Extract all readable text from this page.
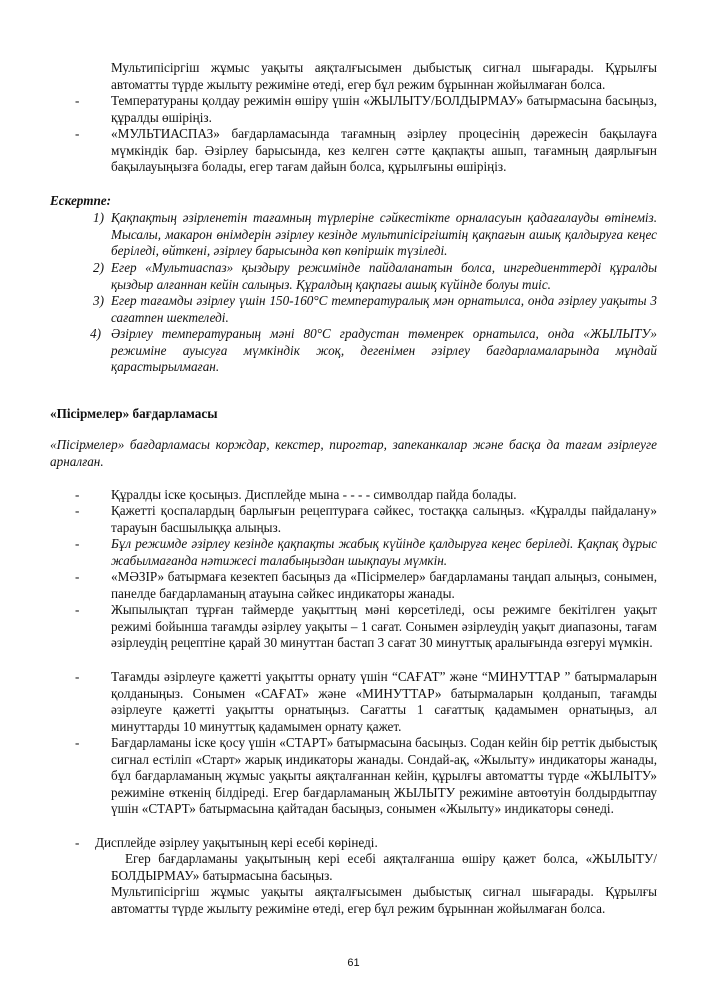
Мультипісіргіш жұмыс уақыты аяқталғысымен дыбыстық сигнал шығарады. Құрылғы автоматты түрде жылыту режиміне өтеді, егер бұл режим бұрыннан жойылмаған болса.

- Температураны қолдау режимін өшіру үшін «ЖЫЛЫТУ/БОЛДЫРМАУ» батырмасына басыңыз, құралды өшіріңіз.

- «МУЛЬТИАСПАЗ» бағдарламасында тағамның әзірлеу процесінің дәрежесін бақылауға мүмкіндік бар. Әзірлеу барысында, кез келген сәтте қақпақты ашып, тағамның даярлығын бақылауыңызға болады, егер тағам дайын болса, құрылғыны өшіріңіз.

Ескертпе:
1) Қақпақтың әзірленетін тағамның түрлеріне сәйкестікте орналасуын қадағалауды өтінеміз. Мысалы, макарон өнімдерін әзірлеу кезінде мультипісіргіштің қақпағын ашық қалдыруға кеңес беріледі, өйткені, әзірлеу барысында көп көпіршік түзіледі.

2) Егер «Мультиаспаз» қыздыру режимінде пайдаланатын болса, ингредиенттерді құралды қыздыр алғаннан кейін салыңыз. Құралдың қақпағы ашық күйінде болуы тиіс.

3) Егер тағамды әзірлеу үшін 150-160°C температуралық мән орнатылса, онда әзірлеу уақыты 3 сағатпен шектеледі.

4) Әзірлеу температураның мәні 80°C градустан төменрек орнатылса, онда «ЖЫЛЫТУ» режиміне ауысуға мүмкіндік жоқ, дегенімен әзірлеу бағдарламаларында мұндай қарастырылмаған.

«Пісірмелер» бағдарламасы

«Пісірмелер» бағдарламасы корждар, кекстер, пирогтар, запеканкалар және басқа да тағам әзірлеуге арналған.

- Құралды іске қосыңыз. Дисплейде мына - - - - символдар пайда болады.

- Қажетті қоспалардың барлығын рецептураға сәйкес, тостаққа салыңыз. «Құралды пайдалану» тарауын басшылыққа алыңыз.

- Бұл режимде әзірлеу кезінде қақпақты жабық күйінде қалдыруға кеңес беріледі. Қақпақ дұрыс жабылмағанда нәтижесі талабыңыздан шықпауы мүмкін.

- «МӘЗІР» батырмаға кезектеп басыңыз да «Пісірмелер» бағдарламаны таңдап алыңыз, сонымен, панелде бағдарламаның атауына сәйкес индикаторы жанады.

- Жыпылықтап тұрған таймерде уақыттың мәні көрсетіледі, осы режимге бекітілген уақыт режимі бойынша тағамды әзірлеу уақыты – 1 сағат. Сонымен әзірлеудің уақыт диапазоны, тағам әзірлеудің рецептіне қарай 30 минуттан бастап 3 сағат 30 минуттық аралығында өзгеруі мүмкін.

- Тағамды әзірлеуге қажетті уақытты орнату үшін “САҒАТ” және “МИНУТТАР ” батырмаларын қолданыңыз. Сонымен «САҒАТ» және «МИНУТТАР» батырмаларын қолданып, тағамды әзірлеуге қажетті уақытты орнатыңыз. Сағатты 1 сағаттық қадамымен орнатыңыз, ал минуттарды 10 минуттық қадамымен орнату қажет.

- Бағдарламаны іске қосу үшін «СТАРТ» батырмасына басыңыз. Содан кейін бір реттік дыбыстық сигнал естіліп «Старт» жарық индикаторы жанады. Сондай-ақ, «Жылыту» индикаторы жанады, бұл бағдарламаның жұмыс уақыты аяқталғаннан кейін, құрылғы автоматты түрде «ЖЫЛЫТУ» режиміне өткенің білдіреді. Егер бағдарламаның ЖЫЛЫТУ режиміне автоөтуін болдырдытпау үшін «СТАРТ» батырмасына қайтадан басыңыз, сонымен «Жылыту» индикаторы сөнеді.

- Дисплейде әзірлеу уақытының кері есебі көрінеді.

Егер бағдарламаны уақытының кері есебі аяқталғанша өшіру қажет болса, «ЖЫЛЫТУ/БОЛДЫРМАУ» батырмасына басыңыз.

Мультипісіргіш жұмыс уақыты аяқталғысымен дыбыстық сигнал шығарады. Құрылғы автоматты түрде жылыту режиміне өтеді, егер бұл режим бұрыннан жойылмаған болса.

61
